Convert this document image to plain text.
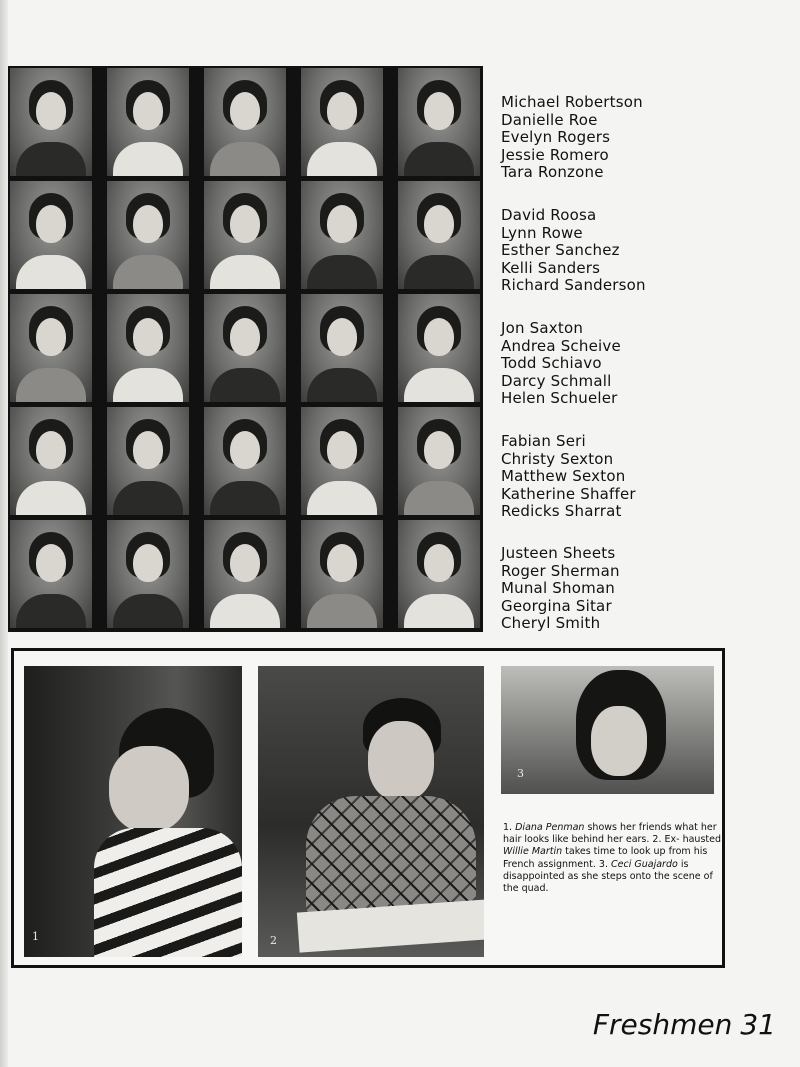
Michael Robertson
Danielle Roe
Evelyn Rogers
Jessie Romero
Tara Ronzone
David Roosa
Lynn Rowe
Esther Sanchez
Kelli Sanders
Richard Sanderson
Jon Saxton
Andrea Scheive
Todd Schiavo
Darcy Schmall
Helen Schueler
Fabian Seri
Christy Sexton
Matthew Sexton
Katherine Shaffer
Redicks Sharrat
Justeen Sheets
Roger Sherman
Munal Shoman
Georgina Sitar
Cheryl Smith
1	2
3
1. Diana Penman shows her friends what her hair looks like behind her ears. 2. Ex- hausted Willie Martin takes time to look up from his French assignment. 3. Ceci Guajardo is disappointed as she steps onto the scene of the quad.
Freshmen 31
